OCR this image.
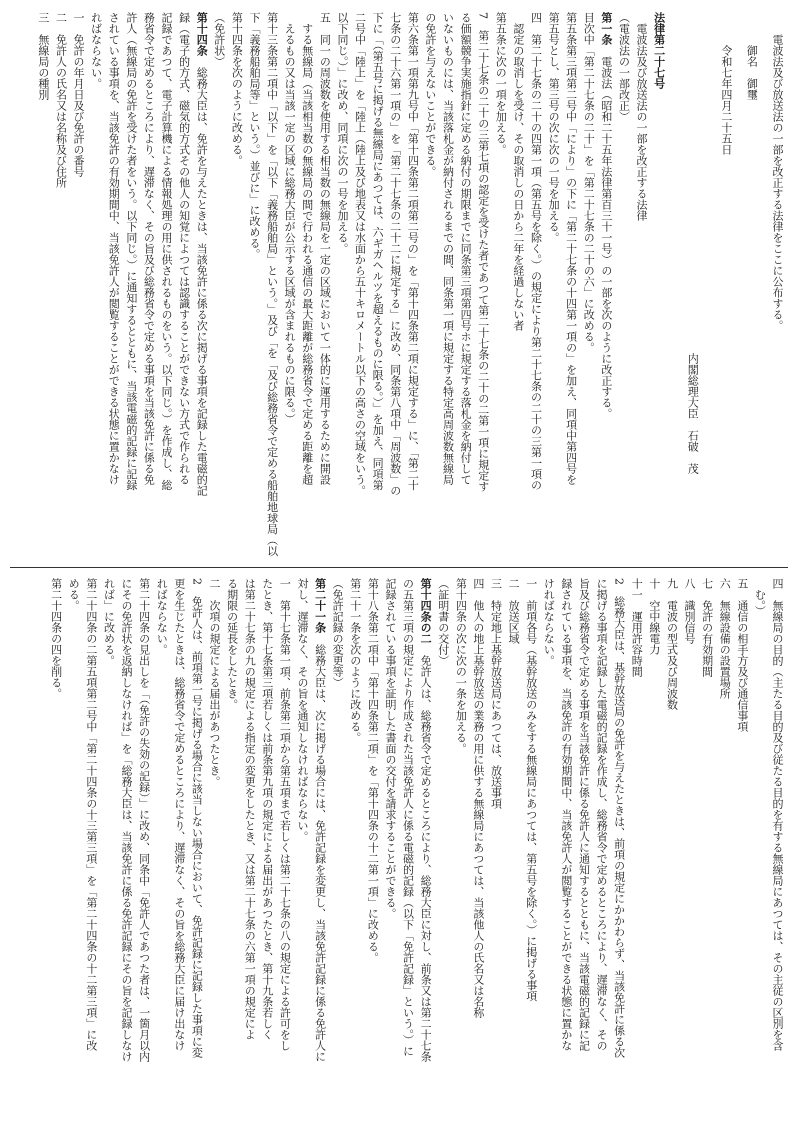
電波法及び放送法の一部を改正する法律をここに公布する。
御名　御璽
令和七年四月二十五日
内閣総理大臣　石破　茂
法律第二十七号
電波法及び放送法の一部を改正する法律
（電波法の一部改正）
第一条　電波法（昭和二十五年法律第百三十一号）の一部を次のように改正する。
目次中「第二十七条の二十」を「第二十七条の二十の六」に改める。
第五条第三項第二号中「により」の下に「第二十七条の十四第一項の」を加え、同項中第四号を
第五号とし、第三号の次に次の一号を加える。
四　第二十七条の二十の四第一項（第五号を除く。）の規定により第二十七条の二十の三第一項の
認定の取消しを受け、その取消しの日から二年を経過しない者
第五条に次の一項を加える。
7　第二十七条の二十の三第七項の認定を受けた者であつて第二十七条の二十の二第一項に規定す
る価額競争実施指針に定める納付の期限までに同条第三項第四号ホに規定する落札金を納付して
いないものには、当該落札金が納付されるまでの間、同条第一項に規定する特定高周波数無線局
の免許を与えないことができる。
第六条第一項第九号中「第十四条第二項第二号の」を「第十四条第二項に規定する」に、「第二十
七条の二十六第一項の」を「第二十七条の二十二に規定する」に改め、同条第八項中「周波数」の
下に「（第五号に掲げる無線局にあつては、六ギガヘルツを超えるものに限る。）」を加え、同項第
二号中「陸上」を「陸上（陸上及び地表又は水面から五十キロメートル以下の高さの空域をいう。
以下同じ。）」に改め、同項に次の一号を加える。
五　同一の周波数を使用する相当数の無線局を一定の区域において一体的に運用するために開設
する無線局（当該相当数の無線局の間で行われる通信の最大距離が総務省令で定める距離を超
えるもの又は当該一定の区域に総務大臣が公示する区域が含まれるものに限る。）
第十三条第二項中「以下」を「以下「義務船舶局」という。」及び「を「及び総務省令で定める船舶地球局（以
下「義務船舶局等」という。）並びに」に改める。
第十四条を次のように改める。
（免許状）
第十四条　総務大臣は、免許を与えたときは、当該免許に係る次に掲げる事項を記録した電磁的記
録（電子的方式、磁気的方式その他人の知覚によつては認識することができない方式で作られる
記録であつて、電子計算機による情報処理の用に供されるものをいう。以下同じ。）を作成し、総
務省令で定めるところにより、遅滞なく、その旨及び総務省令で定める事項を当該免許に係る免
許人（無線局の免許を受けた者をいう。以下同じ。）に通知するとともに、当該電磁的記録に記録
されている事項を、当該免許の有効期間中、当該免許人が閲覧することができる状態に置かなけ
ればならない。
一　免許の年月日及び免許の番号
二　免許人の氏名又は名称及び住所
三　無線局の種別
四　無線局の目的（主たる目的及び従たる目的を有する無線局にあつては、その主従の区別を含
む。）
五　通信の相手方及び通信事項
六　無線設備の設置場所
七　免許の有効期間
八　識別信号
九　電波の型式及び周波数
十　空中線電力
十一　運用許容時間
2　総務大臣は、基幹放送局の免許を与えたときは、前項の規定にかかわらず、当該免許に係る次
に掲げる事項を記録した電磁的記録を作成し、総務省令で定めるところにより、遅滞なく、その
旨及び総務省令で定める事項を当該免許に係る免許人に通知するとともに、当該電磁的記録に記
録されている事項を、当該免許の有効期間中、当該免許人が閲覧することができる状態に置かな
ければならない。
一　前項各号（基幹放送のみをする無線局にあつては、第五号を除く。）に掲げる事項
二　放送区域
三　特定地上基幹放送局にあつては、放送事項
四　他人の地上基幹放送の業務の用に供する無線局にあつては、当該他人の氏名又は名称
第十四条の次に次の一条を加える。
（証明書の交付）
第十四条の二　免許人は、総務省令で定めるところにより、総務大臣に対し、前条又は第二十七条
の五第三項の規定により作成された当該免許人に係る電磁的記録（以下「免許記録」という。）に
記録されている事項を証明した書面の交付を請求することができる。
第十八条第二項中「第十四条第二項」を「第十四条の十二第一項」に改める。
第二十一条を次のように改める。
（免許記録の変更等）
第二十一条　総務大臣は、次に掲げる場合には、免許記録を変更し、当該免許記録に係る免許人に
対し、遅滞なく、その旨を通知しなければならない。
一　第十七条第一項、前条第二項から第五項まで若しくは第二十七条の八の規定による許可をし
たとき、第十七条第三項若しくは前条第九項の規定による届出があつたとき、第十九条若しく
は第二十七条の九の規定による指定の変更をしたとき、又は第二十七条の六第一項の規定によ
る期限の延長をしたとき。
二　次項の規定による届出があつたとき。
2　免許人は、前項第一号に掲げる場合に該当しない場合において、免許記録に記録した事項に変
更を生じたときは、総務省令で定めるところにより、遅滞なく、その旨を総務大臣に届け出なけ
ればならない。
第二十四条の見出しを「（免許の失効の記録）」に改め、同条中「免許人であつた者は、一箇月以内
にその免許状を返納しなければ」を「総務大臣は、当該免許に係る免許記録にその旨を記録しなけ
れば」に改める。
第二十四条の二第五項第二号中「第二十四条の十三第三項」を「第二十四条の十二第三項」に改
める。
第二十四条の四を削る。
